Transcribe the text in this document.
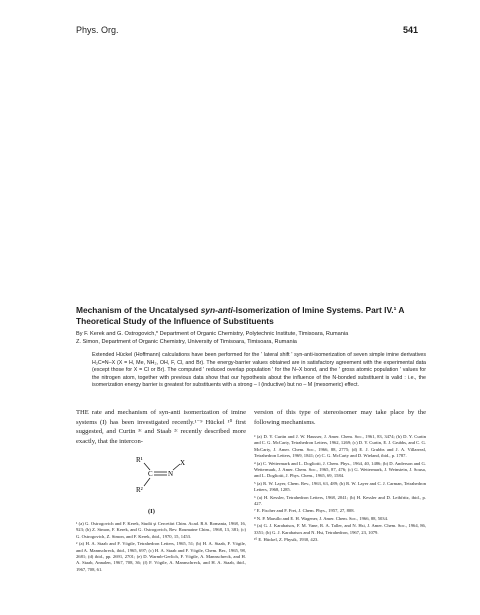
Phys. Org.	541
Mechanism of the Uncatalysed syn-anti-Isomerization of Imine Systems. Part IV.¹ A Theoretical Study of the Influence of Substituents
By F. Kerek and G. Ostrogovich,* Department of Organic Chemistry, Polytechnic Institute, Timisoara, Rumania
Z. Simon, Department of Organic Chemistry, University of Timisoara, Timisoara, Rumania
Extended Hückel (Hoffmann) calculations have been performed for the ' lateral shift ' syn-anti-isomerization of seven simple imine derivatives H₂C=N–X (X = H, Me, NH₂, OH, F, Cl, and Br). The energy-barrier values obtained are in satisfactory agreement with the experimental data (except those for X = Cl or Br). The computed ' reduced overlap population ' for the N–X bond, and the ' gross atomic population ' values for the nitrogen atom, together with previous data show that our hypothesis about the influence of the N-bonded substituent is valid : i.e., the isomerization energy barrier is greatest for substituents with a strong – I (inductive) but no – M (mesomeric) effect.
THE rate and mechanism of syn-anti isomerization of imine systems (I) has been investigated recently.¹⁻⁹ Hückel ¹⁰ first suggested, and Curtin ³ᶜ and Staab ²ᶜ recently described more exactly, that the intercon-
R¹
C N
R²
X
(I)
¹ (a) G. Ostrogovich and F. Kerek, Studii şi Cercetări Chim. Acad. R.S. Romania, 1968, 16, 923; (b) Z. Simon, F. Kerek, and G. Ostrogovich, Rev. Roumaine Chim., 1968, 13, 381; (c) G. Ostrogovich, Z. Simon, and F. Kerek, ibid., 1970, 15, 1453.
² (a) H. A. Staab and F. Vögtle, Tetrahedron Letters, 1965, 51; (b) H. A. Staab, F. Vögtle, and A. Mannschreck, ibid., 1965, 697; (c) H. A. Staab and F. Vögtle, Chem. Ber., 1965, 98, 2681; (d) ibid., pp. 2691, 2701; (e) D. Warmb-Gerlich, F. Vögtle, A. Mannschreck, and H. A. Staab, Annalen, 1967, 708, 36; (f) F. Vögtle, A. Mannschreck, and H. A. Staab, ibid., 1967, 708, 61.
version of this type of stereoisomer may take place by the following mechanisms.
³ (a) D. Y. Curtin and J. W. Hausser, J. Amer. Chem. Soc., 1961, 83, 3474; (b) D. Y. Curtin and C. G. McCarty, Tetrahedron Letters, 1962, 1269; (c) D. Y. Curtin, E. J. Grubbs, and C. G. McCarty, J. Amer. Chem. Soc., 1966, 88, 2775; (d) E. J. Grubbs and J. A. Villarreal, Tetrahedron Letters, 1969, 1841; (e) C. G. McCarty and D. Wieland, ibid., p. 1787.
⁴ (a) C. Wettermark and L. Dogliotti, J. Chem. Phys., 1964, 40, 1486; (b) D. Anderson and G. Wettermark, J. Amer. Chem. Soc., 1965, 87, 476; (c) G. Wettermark, J. Weinstein, J. Sousa, and L. Dogliotti, J. Phys. Chem., 1965, 69, 1584.
⁵ (a) R. W. Layer, Chem. Rev., 1963, 63, 489; (b) R. W. Layer and C. J. Carman, Tetrahedron Letters, 1968, 1285.
⁶ (a) H. Kessler, Tetrahedron Letters, 1968, 2041; (b) H. Kessler and D. Leibfritz, ibid., p. 427.
⁷ E. Fischer and F. Frei, J. Chem. Phys., 1957, 27, 808.
⁸ N. P. Marullo and E. H. Wagener, J. Amer. Chem. Soc., 1966, 88, 5034.
⁹ (a) G. J. Karabatsos, F. M. Vane, R. A. Taller, and N. Hsi, J. Amer. Chem. Soc., 1964, 86, 3351; (b) G. J. Karabatsos and N. Hsi, Tetrahedron, 1967, 23, 1079.
¹⁰ E. Hückel, Z. Physik, 1930, 423.
